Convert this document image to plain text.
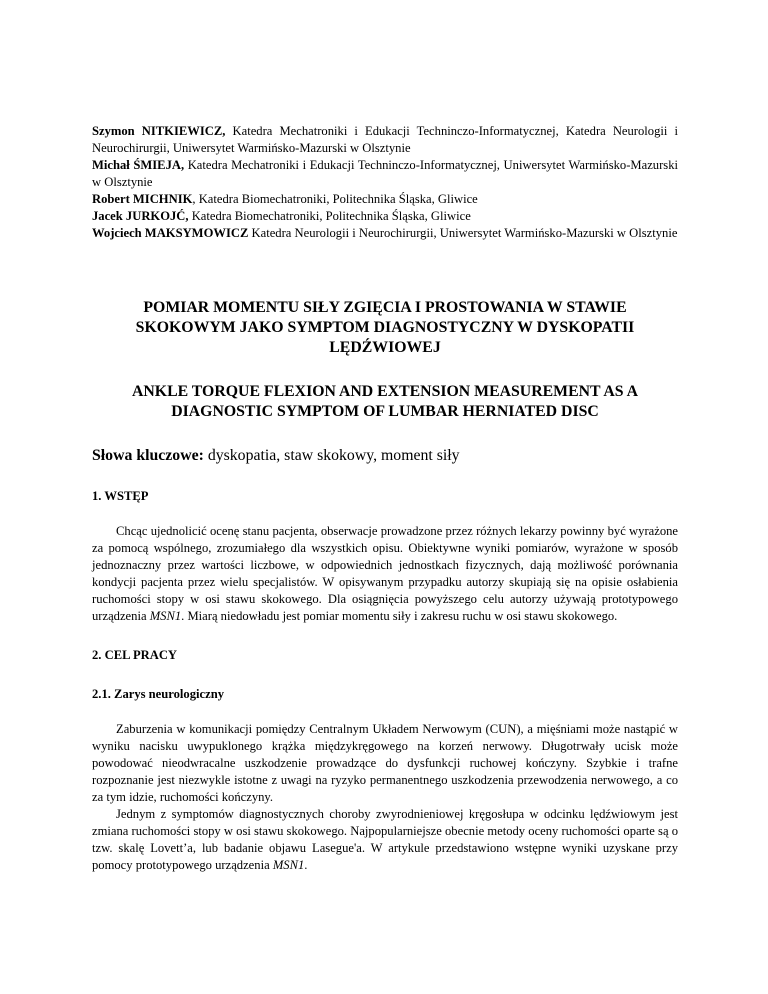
Szymon NITKIEWICZ, Katedra Mechatroniki i Edukacji Techninczo-Informatycznej, Katedra Neurologii i Neurochirurgii, Uniwersytet Warmińsko-Mazurski w Olsztynie

Michał ŚMIEJA, Katedra Mechatroniki i Edukacji Techninczo-Informatycznej, Uniwersytet Warmińsko-Mazurski w Olsztynie

Robert MICHNIK, Katedra Biomechatroniki, Politechnika Śląska, Gliwice

Jacek JURKOJĆ, Katedra Biomechatroniki, Politechnika Śląska, Gliwice

Wojciech MAKSYMOWICZ Katedra Neurologii i Neurochirurgii, Uniwersytet Warmińsko-Mazurski w Olsztynie

POMIAR MOMENTU SIŁY ZGIĘCIA I PROSTOWANIA W STAWIE SKOKOWYM JAKO SYMPTOM DIAGNOSTYCZNY W DYSKOPATII LĘDŹWIOWEJ
ANKLE TORQUE FLEXION AND EXTENSION MEASUREMENT AS A DIAGNOSTIC SYMPTOM OF LUMBAR HERNIATED DISC

Słowa kluczowe: dyskopatia, staw skokowy, moment siły

1. WSTĘP

Chcąc ujednolicić ocenę stanu pacjenta, obserwacje prowadzone przez różnych lekarzy powinny być wyrażone za pomocą wspólnego, zrozumiałego dla wszystkich opisu. Obiektywne wyniki pomiarów, wyrażone w sposób jednoznaczny przez wartości liczbowe, w odpowiednich jednostkach fizycznych, dają możliwość porównania kondycji pacjenta przez wielu specjalistów. W opisywanym przypadku autorzy skupiają się na opisie osłabienia ruchomości stopy w osi stawu skokowego. Dla osiągnięcia powyższego celu autorzy używają prototypowego urządzenia MSN1. Miarą niedowładu jest pomiar momentu siły i zakresu ruchu w osi stawu skokowego.

2. CEL PRACY
2.1. Zarys neurologiczny

Zaburzenia w komunikacji pomiędzy Centralnym Układem Nerwowym (CUN), a mięśniami może nastąpić w wyniku nacisku uwypuklonego krążka międzykręgowego na korzeń nerwowy. Długotrwały ucisk może powodować nieodwracalne uszkodzenie prowadzące do dysfunkcji ruchowej kończyny. Szybkie i trafne rozpoznanie jest niezwykle istotne z uwagi na ryzyko permanentnego uszkodzenia przewodzenia nerwowego, a co za tym idzie, ruchomości kończyny.

Jednym z symptomów diagnostycznych choroby zwyrodnieniowej kręgosłupa w odcinku lędźwiowym jest zmiana ruchomości stopy w osi stawu skokowego. Najpopularniejsze obecnie metody oceny ruchomości oparte są o tzw. skalę Lovett’a, lub badanie objawu Lasegue'a. W artykule przedstawiono wstępne wyniki uzyskane przy pomocy prototypowego urządzenia MSN1.
